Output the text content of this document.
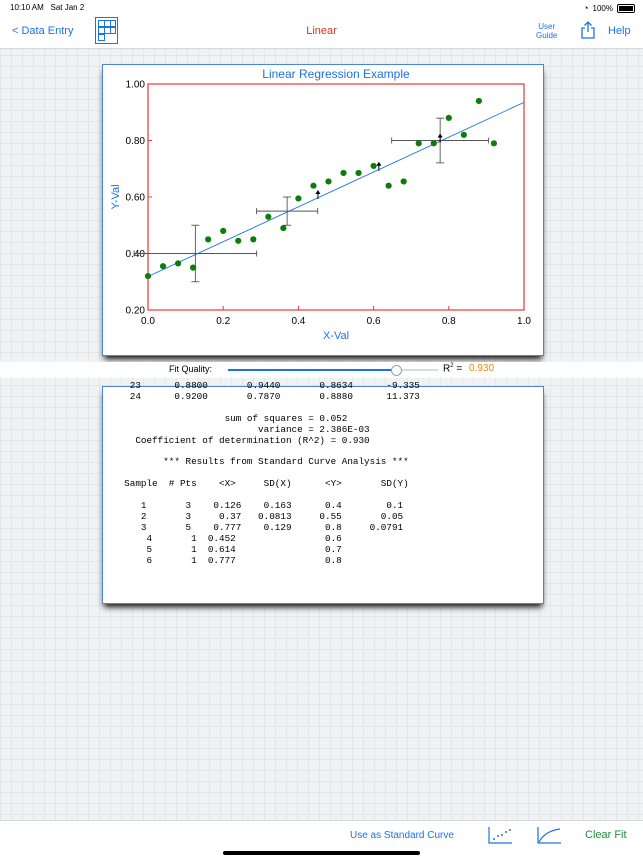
10:10 AM Sat Jan 2	◔ 100%
< Data Entry	Linear	User
Guide	Help
Linear Regression Example
0.0	0.2	0.4	0.6	0.8	1.0
0.20
0.40
0.60
0.80
1.00
X-Val
Y-Val
Fit Quality:	$R^2 = 0.930$
23      0.8800       0.9440       0.8634      -9.335
24      0.9200       0.7870       0.8880      11.373

sum of squares = 0.052
variance = 2.386E-03
Coefficient of determination (R^2) = 0.930

*** Results from Standard Curve Analysis ***

Sample  # Pts    <X>     SD(X)      <Y>       SD(Y)

1       3    0.126    0.163      0.4        0.1
2       3     0.37   0.0813     0.55       0.05
3       5    0.777    0.129      0.8     0.0791
4       1  0.452                0.6
5       1  0.614                0.7
6       1  0.777                0.8
Use as Standard Curve	Clear Fit
